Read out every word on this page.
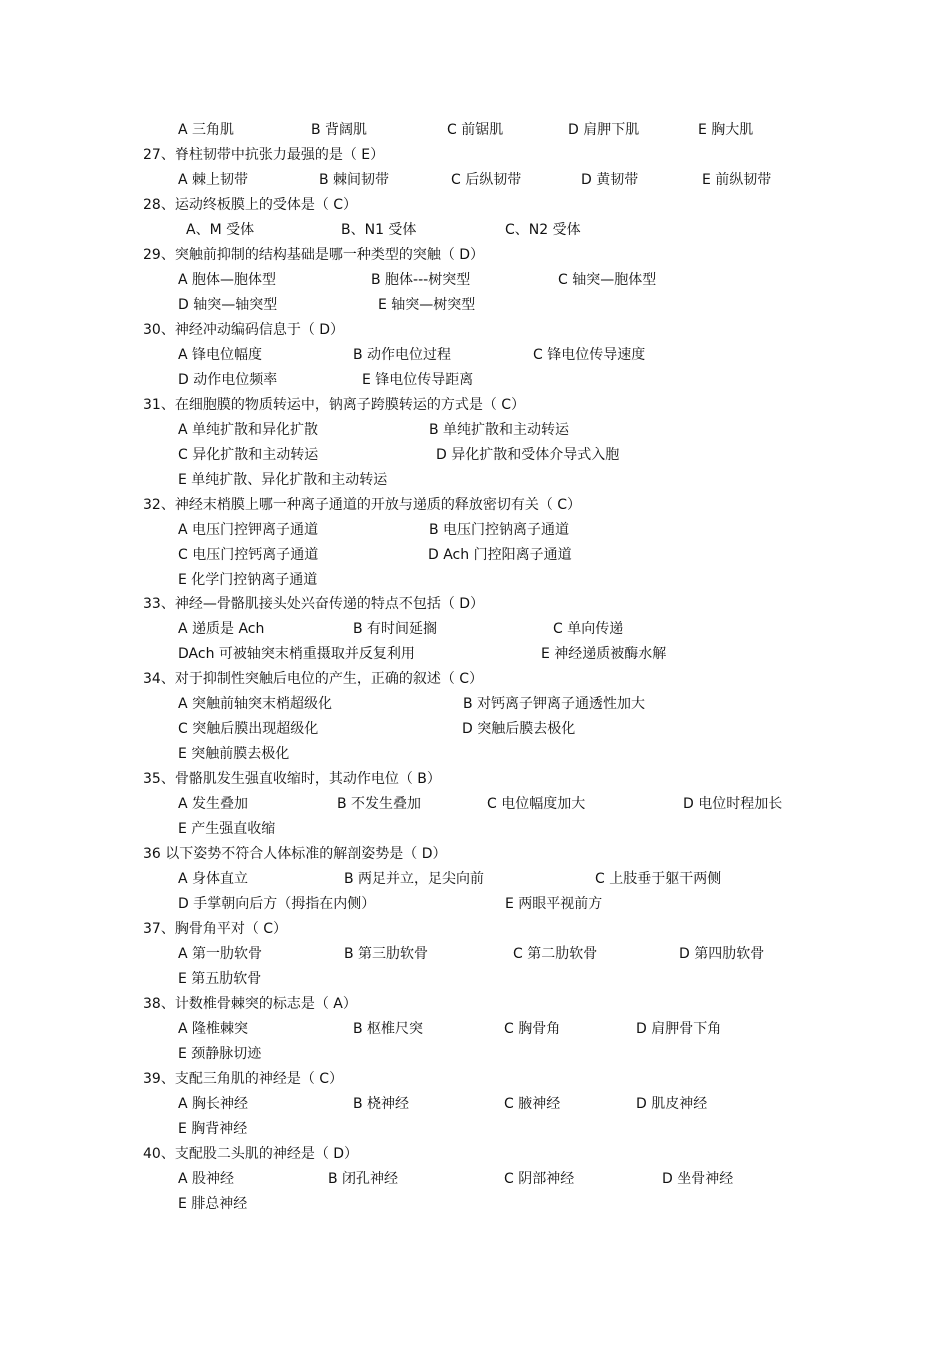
A 三角肌	B 背阔肌	C 前锯肌	D 肩胛下肌	E 胸大肌
27、脊柱韧带中抗张力最强的是（ E）
A 棘上韧带	B 棘间韧带	C 后纵韧带	D 黄韧带	E 前纵韧带
28、运动终板膜上的受体是（ C）
A、M 受体	B、N1 受体	C、N2 受体
29、突触前抑制的结构基础是哪一种类型的突触（ D）
A 胞体—胞体型	B 胞体---树突型	C 轴突—胞体型
D 轴突—轴突型	E 轴突—树突型
30、神经冲动编码信息于（ D）
A 锋电位幅度	B 动作电位过程	C 锋电位传导速度
D 动作电位频率	E 锋电位传导距离
31、在细胞膜的物质转运中，钠离子跨膜转运的方式是（ C）
A 单纯扩散和异化扩散	B 单纯扩散和主动转运
C 异化扩散和主动转运	D 异化扩散和受体介导式入胞
E 单纯扩散、异化扩散和主动转运
32、神经末梢膜上哪一种离子通道的开放与递质的释放密切有关（ C）
A 电压门控钾离子通道	B 电压门控钠离子通道
C 电压门控钙离子通道	D Ach 门控阳离子通道
E 化学门控钠离子通道
33、神经—骨骼肌接头处兴奋传递的特点不包括（ D）
A 递质是 Ach	B 有时间延搁	C 单向传递
DAch 可被轴突末梢重摄取并反复利用	E 神经递质被酶水解
34、对于抑制性突触后电位的产生，正确的叙述（ C）
A 突触前轴突末梢超级化	B 对钙离子钾离子通透性加大
C 突触后膜出现超级化	D 突触后膜去极化
E 突触前膜去极化
35、骨骼肌发生强直收缩时，其动作电位（ B）
A 发生叠加	B 不发生叠加	C 电位幅度加大	D 电位时程加长
E 产生强直收缩
36 以下姿势不符合人体标准的解剖姿势是（ D）
A 身体直立	B 两足并立，足尖向前	C 上肢垂于躯干两侧
D 手掌朝向后方（拇指在内侧）	E 两眼平视前方
37、胸骨角平对（ C）
A 第一肋软骨	B 第三肋软骨	C 第二肋软骨	D 第四肋软骨
E 第五肋软骨
38、计数椎骨棘突的标志是（ A）
A 隆椎棘突	B 枢椎尺突	C 胸骨角	D 肩胛骨下角
E 颈静脉切迹
39、支配三角肌的神经是（ C）
A 胸长神经	B 桡神经	C 腋神经	D 肌皮神经
E 胸背神经
40、支配股二头肌的神经是（ D）
A 股神经	B 闭孔神经	C 阴部神经	D 坐骨神经
E 腓总神经
